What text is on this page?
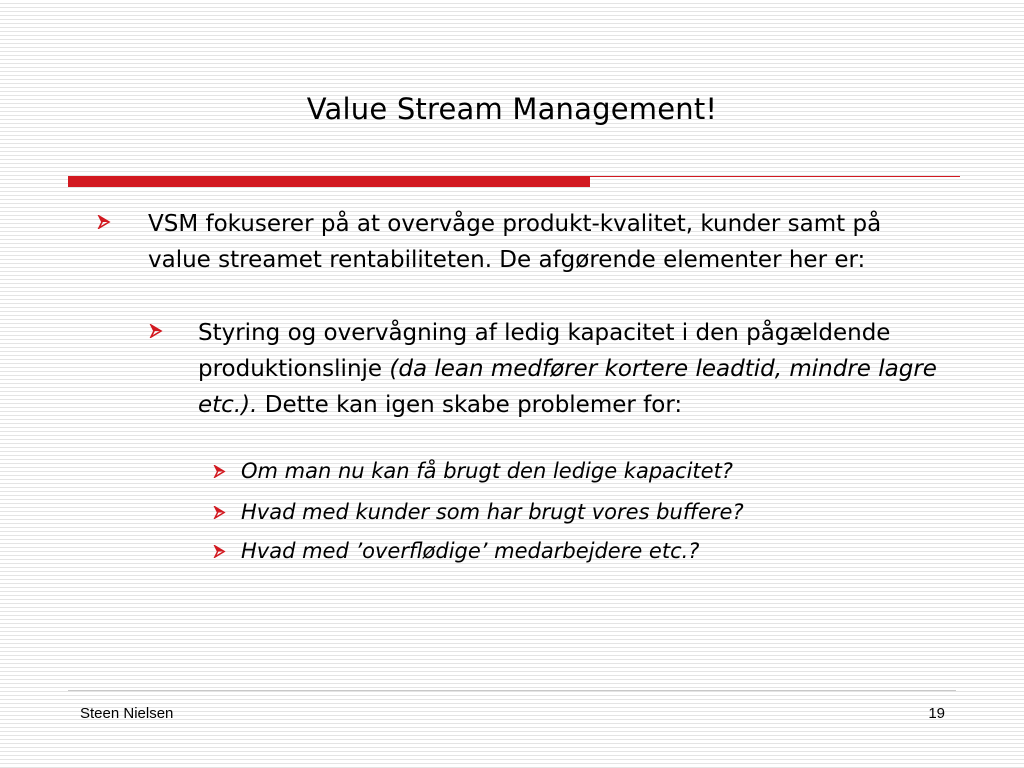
Value Stream Management!
VSM fokuserer på at overvåge produkt-kvalitet, kunder samt på value streamet rentabiliteten. De afgørende elementer her er:
Styring og overvågning af ledig kapacitet i den pågældende produktionslinje (da lean medfører kortere leadtid, mindre lagre etc.). Dette kan igen skabe problemer for:
Om man nu kan få brugt den ledige kapacitet?
Hvad med kunder som har brugt vores buffere?
Hvad med ’overflødige’ medarbejdere etc.?
Steen Nielsen	19
